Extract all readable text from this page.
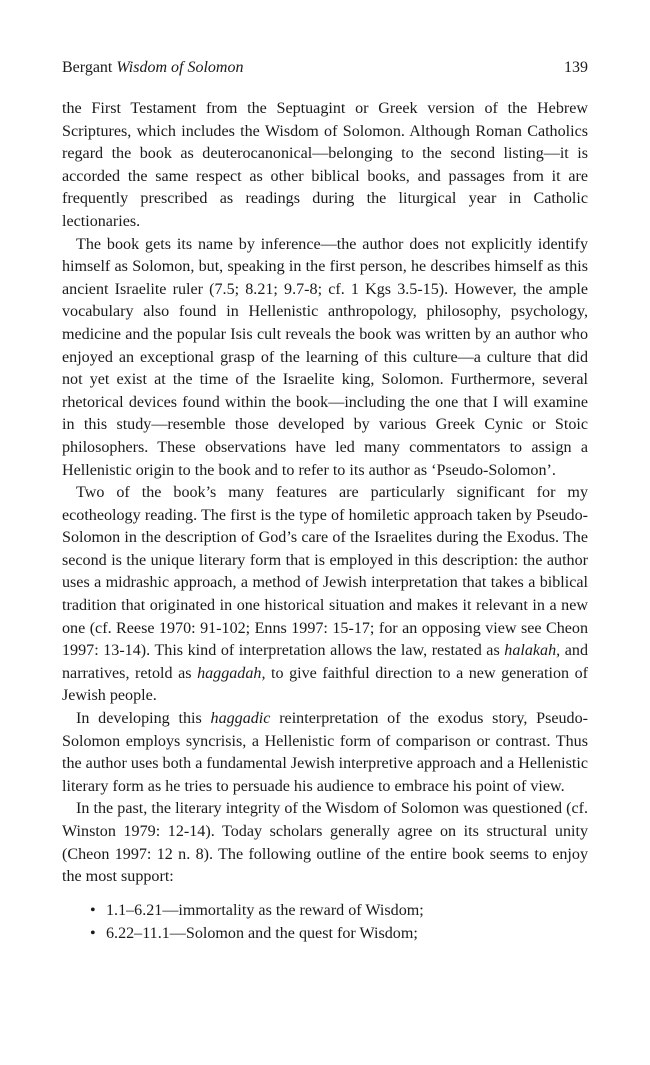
Bergant Wisdom of Solomon	139

the First Testament from the Septuagint or Greek version of the Hebrew Scriptures, which includes the Wisdom of Solomon. Although Roman Catholics regard the book as deuterocanonical—belonging to the second listing—it is accorded the same respect as other biblical books, and passages from it are frequently prescribed as readings during the liturgical year in Catholic lectionaries.

The book gets its name by inference—the author does not explicitly identify himself as Solomon, but, speaking in the first person, he describes himself as this ancient Israelite ruler (7.5; 8.21; 9.7-8; cf. 1 Kgs 3.5-15). However, the ample vocabulary also found in Hellenistic anthropology, philosophy, psychology, medicine and the popular Isis cult reveals the book was written by an author who enjoyed an exceptional grasp of the learning of this culture—a culture that did not yet exist at the time of the Israelite king, Solomon. Furthermore, several rhetorical devices found within the book—including the one that I will examine in this study—resemble those developed by various Greek Cynic or Stoic philosophers. These observations have led many commentators to assign a Hellenistic origin to the book and to refer to its author as ‘Pseudo-Solomon’.

Two of the book’s many features are particularly significant for my ecotheology reading. The first is the type of homiletic approach taken by Pseudo-Solomon in the description of God’s care of the Israelites during the Exodus. The second is the unique literary form that is employed in this description: the author uses a midrashic approach, a method of Jewish interpretation that takes a biblical tradition that originated in one historical situation and makes it relevant in a new one (cf. Reese 1970: 91-102; Enns 1997: 15-17; for an opposing view see Cheon 1997: 13-14). This kind of interpretation allows the law, restated as halakah, and narratives, retold as haggadah, to give faithful direction to a new generation of Jewish people.

In developing this haggadic reinterpretation of the exodus story, Pseudo-Solomon employs syncrisis, a Hellenistic form of comparison or contrast. Thus the author uses both a fundamental Jewish interpretive approach and a Hellenistic literary form as he tries to persuade his audience to embrace his point of view.

In the past, the literary integrity of the Wisdom of Solomon was questioned (cf. Winston 1979: 12-14). Today scholars generally agree on its structural unity (Cheon 1997: 12 n. 8). The following outline of the entire book seems to enjoy the most support:

• 1.1–6.21—immortality as the reward of Wisdom;
• 6.22–11.1—Solomon and the quest for Wisdom;
